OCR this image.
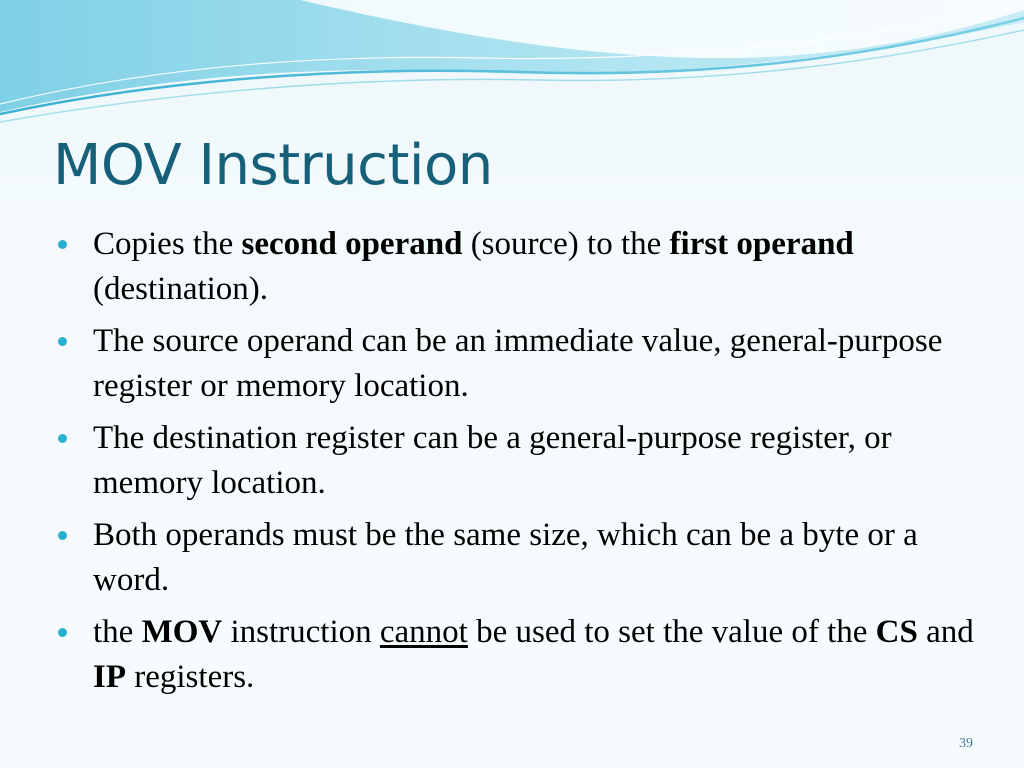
MOV Instruction
Copies the second operand (source) to the first operand (destination).
The source operand can be an immediate value, general-purpose register or memory location.
The destination register can be a general-purpose register, or memory location.
Both operands must be the same size, which can be a byte or a word.
the MOV instruction cannot be used to set the value of the CS and IP registers.
39
